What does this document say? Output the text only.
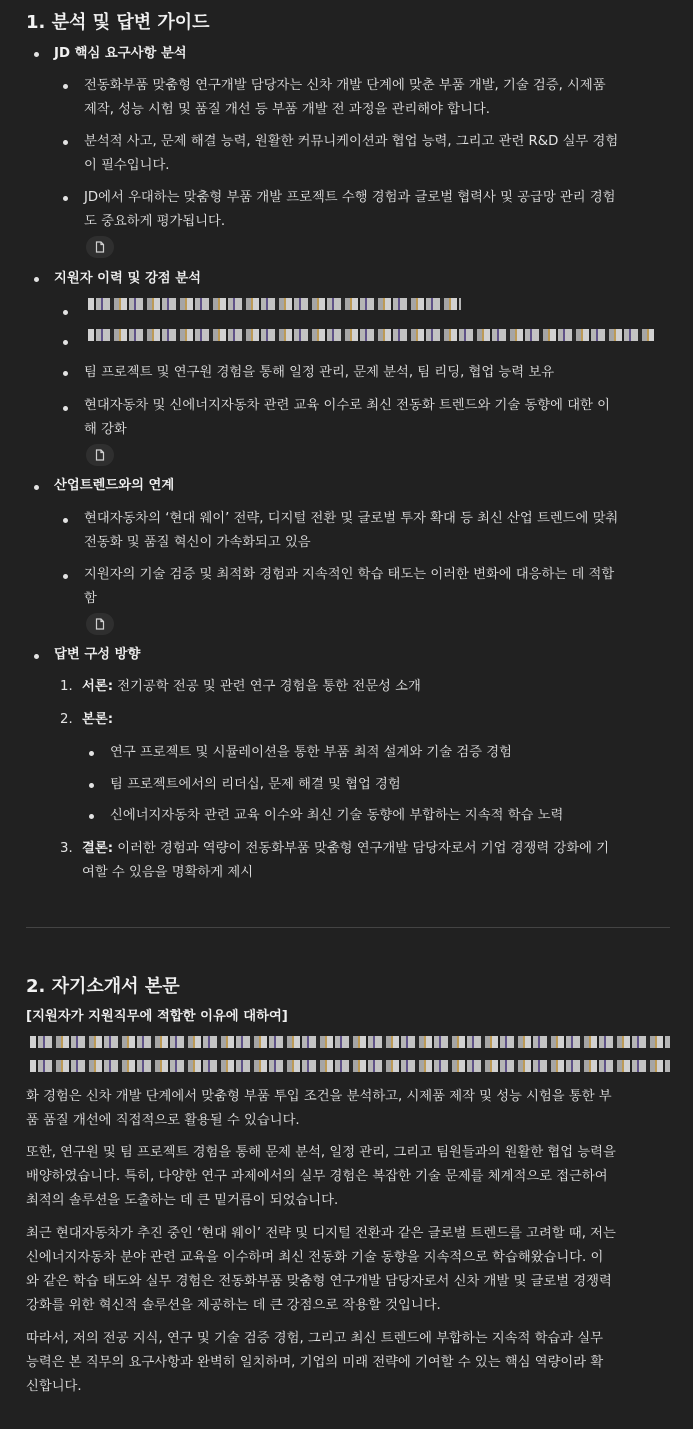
1. 분석 및 답변 가이드
JD 핵심 요구사항 분석
전동화부품 맞춤형 연구개발 담당자는 신차 개발 단계에 맞춘 부품 개발, 기술 검증, 시제품
제작, 성능 시험 및 품질 개선 등 부품 개발 전 과정을 관리해야 합니다.
분석적 사고, 문제 해결 능력, 원활한 커뮤니케이션과 협업 능력, 그리고 관련 R&D 실무 경험
이 필수입니다.
JD에서 우대하는 맞춤형 부품 개발 프로젝트 수행 경험과 글로벌 협력사 및 공급망 관리 경험
도 중요하게 평가됩니다.
지원자 이력 및 강점 분석
팀 프로젝트 및 연구원 경험을 통해 일정 관리, 문제 분석, 팀 리딩, 협업 능력 보유
현대자동차 및 신에너지자동차 관련 교육 이수로 최신 전동화 트렌드와 기술 동향에 대한 이
해 강화
산업트렌드와의 연계
현대자동차의 ‘현대 웨이’ 전략, 디지털 전환 및 글로벌 투자 확대 등 최신 산업 트렌드에 맞춰
전동화 및 품질 혁신이 가속화되고 있음
지원자의 기술 검증 및 최적화 경험과 지속적인 학습 태도는 이러한 변화에 대응하는 데 적합
함
답변 구성 방향
1. 서론: 전기공학 전공 및 관련 연구 경험을 통한 전문성 소개
2. 본론:
연구 프로젝트 및 시뮬레이션을 통한 부품 최적 설계와 기술 검증 경험
팀 프로젝트에서의 리더십, 문제 해결 및 협업 경험
신에너지자동차 관련 교육 이수와 최신 기술 동향에 부합하는 지속적 학습 노력
3. 결론: 이러한 경험과 역량이 전동화부품 맞춤형 연구개발 담당자로서 기업 경쟁력 강화에 기
여할 수 있음을 명확하게 제시
2. 자기소개서 본문
[지원자가 지원직무에 적합한 이유에 대하여]
화 경험은 신차 개발 단계에서 맞춤형 부품 투입 조건을 분석하고, 시제품 제작 및 성능 시험을 통한 부
품 품질 개선에 직접적으로 활용될 수 있습니다.
또한, 연구원 및 팀 프로젝트 경험을 통해 문제 분석, 일정 관리, 그리고 팀원들과의 원활한 협업 능력을
배양하였습니다. 특히, 다양한 연구 과제에서의 실무 경험은 복잡한 기술 문제를 체계적으로 접근하여
최적의 솔루션을 도출하는 데 큰 밑거름이 되었습니다.
최근 현대자동차가 추진 중인 ‘현대 웨이’ 전략 및 디지털 전환과 같은 글로벌 트렌드를 고려할 때, 저는
신에너지자동차 분야 관련 교육을 이수하며 최신 전동화 기술 동향을 지속적으로 학습해왔습니다. 이
와 같은 학습 태도와 실무 경험은 전동화부품 맞춤형 연구개발 담당자로서 신차 개발 및 글로벌 경쟁력
강화를 위한 혁신적 솔루션을 제공하는 데 큰 강점으로 작용할 것입니다.
따라서, 저의 전공 지식, 연구 및 기술 검증 경험, 그리고 최신 트렌드에 부합하는 지속적 학습과 실무
능력은 본 직무의 요구사항과 완벽히 일치하며, 기업의 미래 전략에 기여할 수 있는 핵심 역량이라 확
신합니다.
